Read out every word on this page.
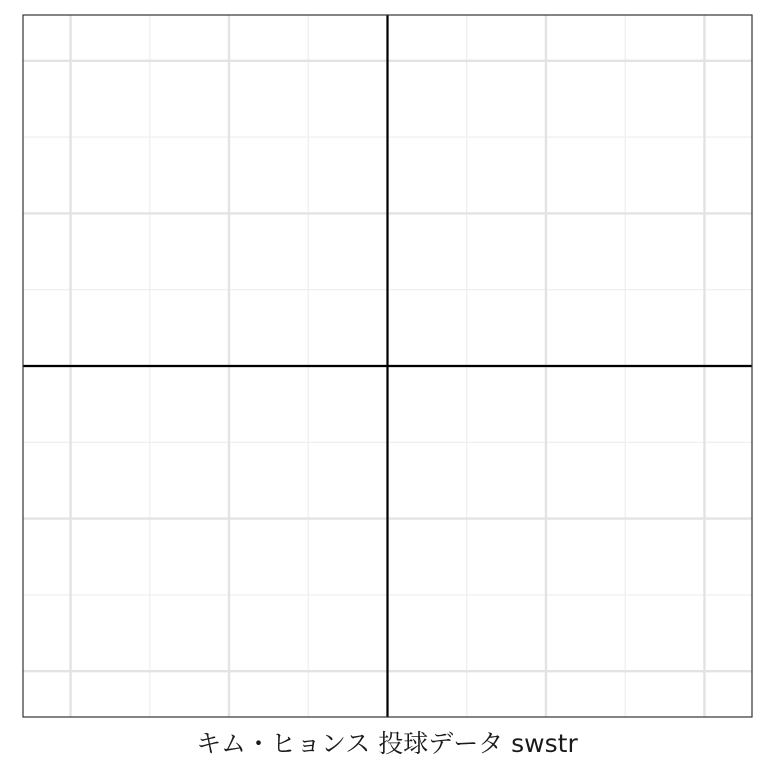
キム・ヒョンス 投球データ swstr
